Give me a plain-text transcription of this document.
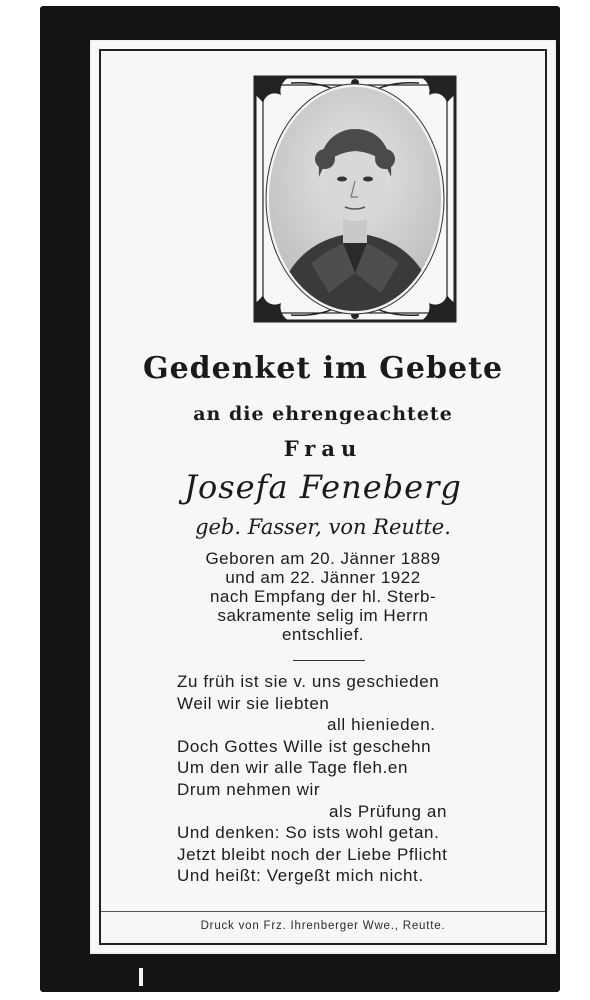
Gedenket im Gebete
an die ehrengeachtete
Frau
Josefa Feneberg
geb. Fasser, von Reutte.
Geboren am 20. Jänner 1889
und am 22. Jänner 1922
nach Empfang der hl. Sterb-
sakramente selig im Herrn
entschlief.
Zu früh ist sie v. uns geschieden
Weil wir sie liebten
all hienieden.
Doch Gottes Wille ist geschehn
Um den wir alle Tage fleh.en
Drum nehmen wir
als Prüfung an
Und denken: So ists wohl getan.
Jetzt bleibt noch der Liebe Pflicht
Und heißt: Vergeßt mich nicht.
Druck von Frz. Ihrenberger Wwe., Reutte.
